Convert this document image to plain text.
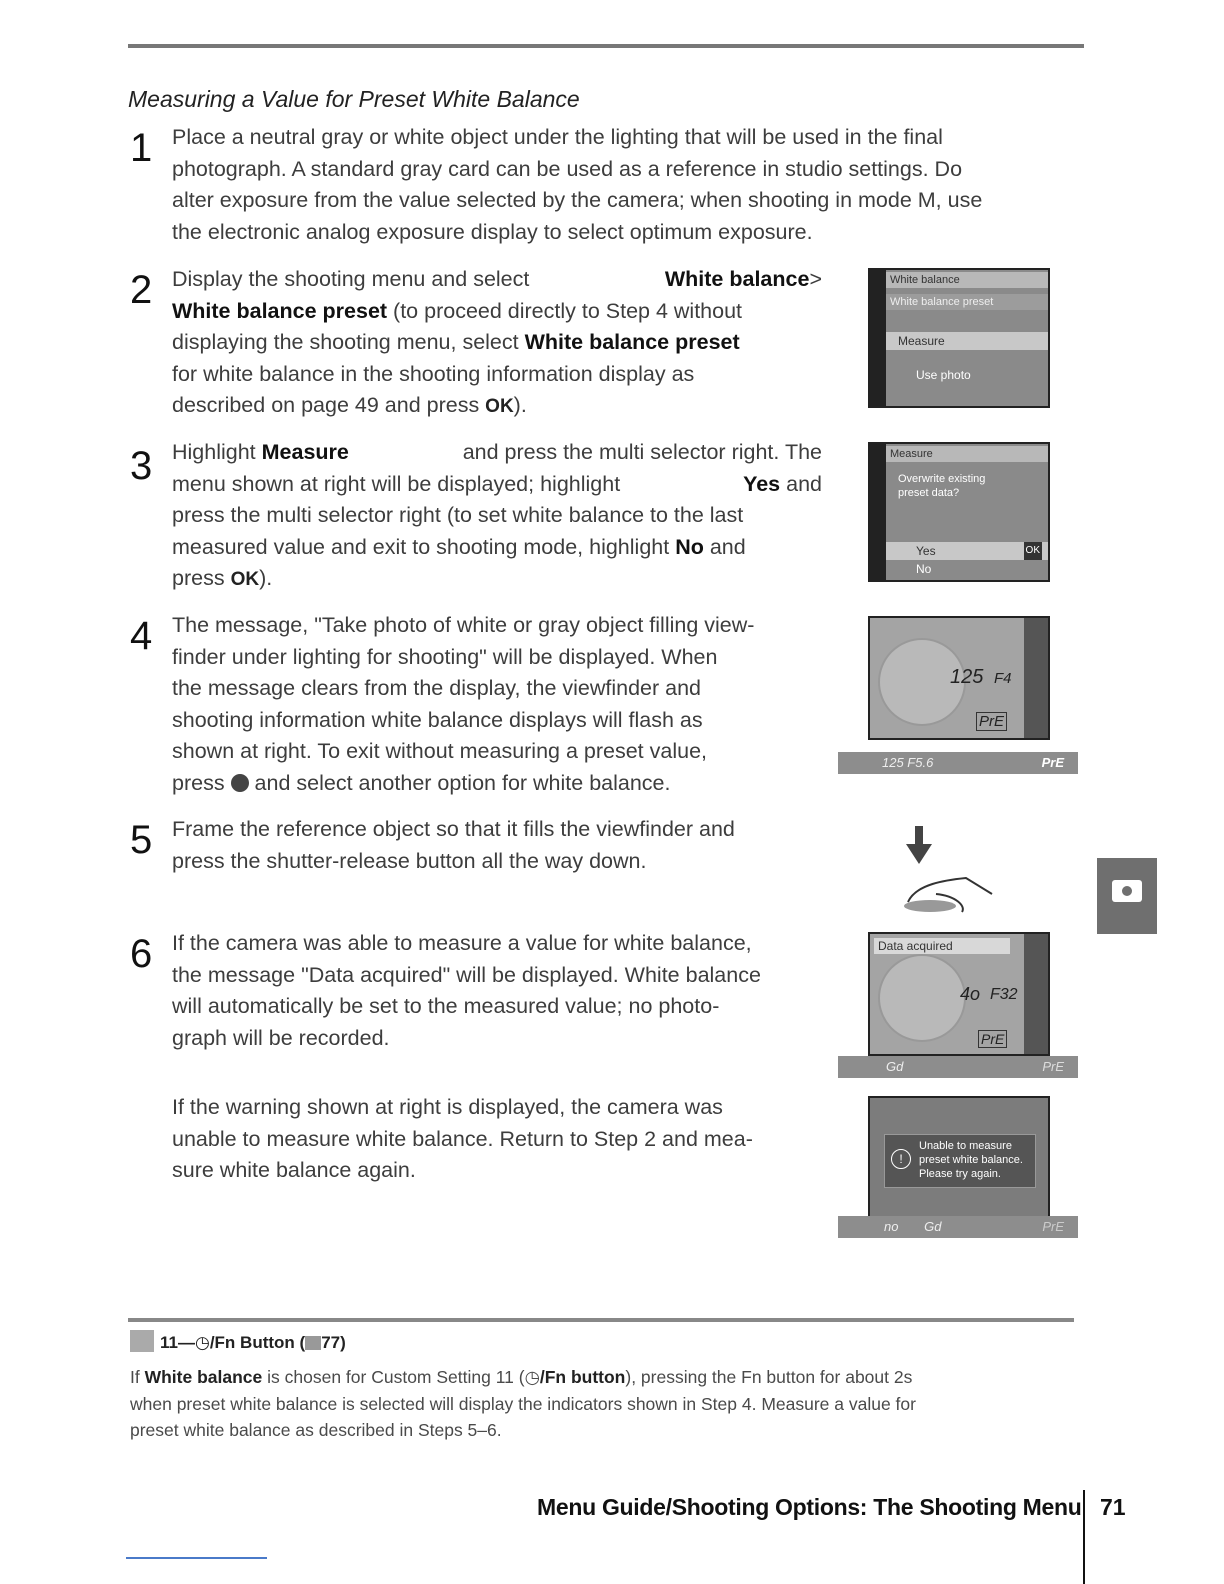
Measuring a Value for Preset White Balance
1 Place a neutral gray or white object under the lighting that will be used in the final
photograph. A standard gray card can be used as a reference in studio settings. Do
alter exposure from the value selected by the camera; when shooting in mode M, use
the electronic analog exposure display to select optimum exposure.
2 Display the shooting menu and select	White balance>
White balance preset (to proceed directly to Step 4 without
displaying the shooting menu, select White balance preset
for white balance in the shooting information display as
described on page 49 and press OK).
White balance
White balance preset
Measure
Use photo
3 Highlight Measure	and press the multi selector right. The
menu shown at right will be displayed; highlight	Yes and
press the multi selector right (to set white balance to the last
measured value and exit to shooting mode, highlight No and
press OK).
Measure
Overwrite existing
preset data?
Yes	OK
No
4 The message, "Take photo of white or gray object filling view-
finder under lighting for shooting" will be displayed. When
the message clears from the display, the viewfinder and
shooting information white balance displays will flash as
shown at right. To exit without measuring a preset value,
press  and select another option for white balance.
125 F4
PrE
125 F5.6	PrE
5 Frame the reference object so that it fills the viewfinder and
press the shutter-release button all the way down.
6 If the camera was able to measure a value for white balance,
the message "Data acquired" will be displayed. White balance
will automatically be set to the measured value; no photo-
graph will be recorded.
Data acquired
4o F32
PrE
Gd	PrE
If the warning shown at right is displayed, the camera was
unable to measure white balance. Return to Step 2 and mea-
sure white balance again.	!
Unable to measure
preset white balance.
Please try again.
no Gd	PrE
11—◷/Fn Button ( 77)
If White balance is chosen for Custom Setting 11 (◷/Fn button), pressing the Fn button for about 2s
when preset white balance is selected will display the indicators shown in Step 4. Measure a value for
preset white balance as described in Steps 5–6.
Menu Guide/Shooting Options: The Shooting Menu 71
